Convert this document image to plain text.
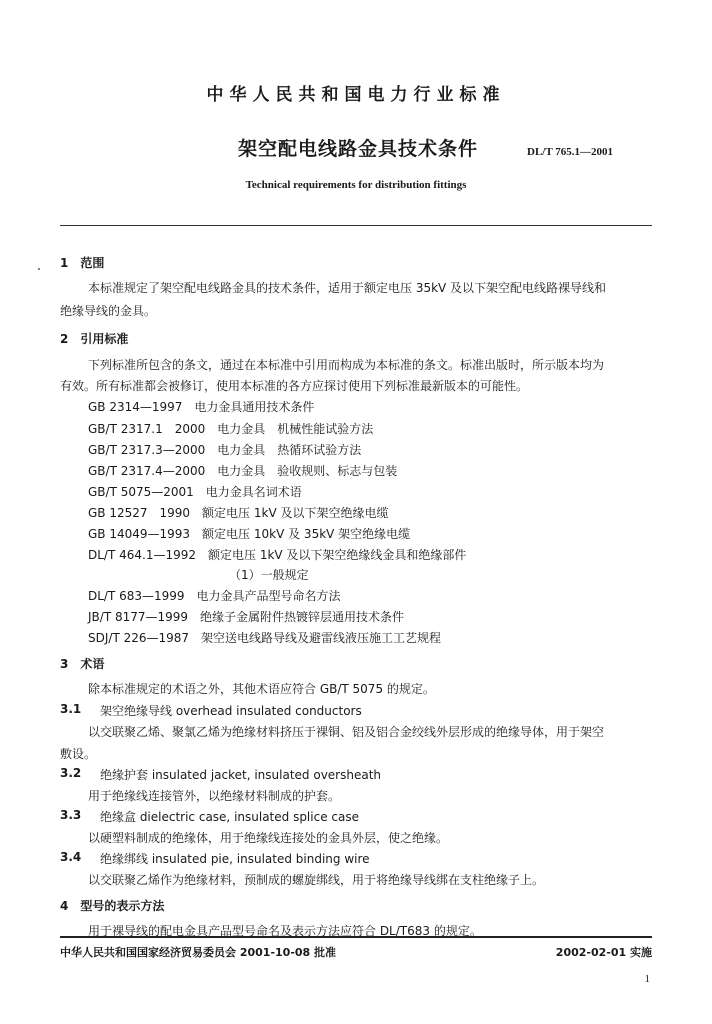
中华人民共和国电力行业标准
架空配电线路金具技术条件	DL/T 765.1—2001
Technical requirements for distribution fittings
1　范围
本标准规定了架空配电线路金具的技术条件，适用于额定电压 35kV 及以下架空配电线路裸导线和
绝缘导线的金具。
2　引用标准
下列标准所包含的条文，通过在本标准中引用而构成为本标准的条文。标准出版时，所示版本均为
有效。所有标准都会被修订，使用本标准的各方应探讨使用下列标准最新版本的可能性。
GB 2314—1997　电力金具通用技术条件
GB/T 2317.1　2000　电力金具　机械性能试验方法
GB/T 2317.3—2000　电力金具　热循环试验方法
GB/T 2317.4—2000　电力金具　验收规则、标志与包装
GB/T 5075—2001　电力金具名词术语
GB 12527　1990　额定电压 1kV 及以下架空绝缘电缆
GB 14049—1993　额定电压 10kV 及 35kV 架空绝缘电缆
DL/T 464.1—1992　额定电压 1kV 及以下架空绝缘线金具和绝缘部件
（1）一般规定
DL/T 683—1999　电力金具产品型号命名方法
JB/T 8177—1999　绝缘子金属附件热镀锌层通用技术条件
SDJ/T 226—1987　架空送电线路导线及避雷线液压施工工艺规程
3　术语
除本标准规定的术语之外，其他术语应符合 GB/T 5075 的规定。
3.1 架空绝缘导线 overhead insulated conductors
以交联聚乙烯、聚氯乙烯为绝缘材料挤压于裸铜、铝及铝合金绞线外层形成的绝缘导体，用于架空
敷设。
3.2 绝缘护套 insulated jacket, insulated oversheath
用于绝缘线连接管外，以绝缘材料制成的护套。
3.3 绝缘盒 dielectric case, insulated splice case
以硬塑料制成的绝缘体，用于绝缘线连接处的金具外层，使之绝缘。
3.4 绝缘绑线 insulated pie, insulated binding wire
以交联聚乙烯作为绝缘材料，预制成的螺旋绑线，用于将绝缘导线绑在支柱绝缘子上。
4　型号的表示方法
用于裸导线的配电金具产品型号命名及表示方法应符合 DL/T683 的规定。
中华人民共和国国家经济贸易委员会 2001-10-08 批准	2002-02-01 实施
1
